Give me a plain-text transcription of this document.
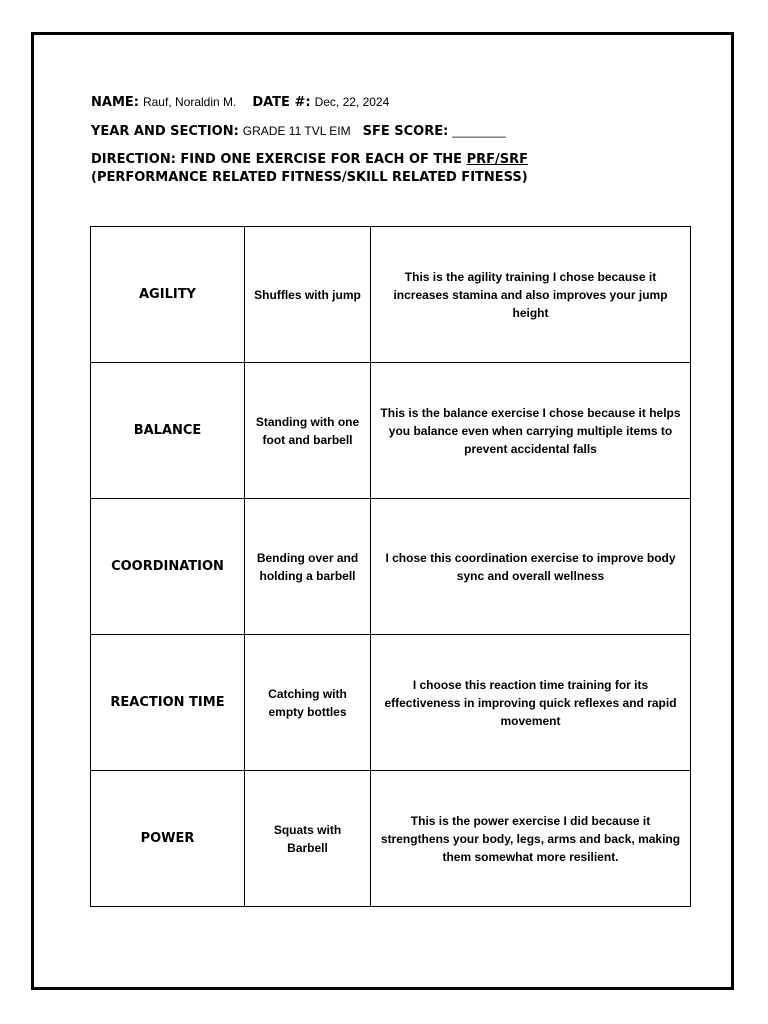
NAME: Rauf, Noraldin M. DATE #: Dec, 22, 2024
YEAR AND SECTION: GRADE 11 TVL EIM SFE SCORE: ________
DIRECTION: FIND ONE EXERCISE FOR EACH OF THE PRF/SRF
(PERFORMANCE RELATED FITNESS/SKILL RELATED FITNESS)
AGILITY	Shuffles with jump	This is the agility training I chose because it increases stamina and also improves your jump height
BALANCE	Standing with one foot and barbell	This is the balance exercise I chose because it helps you balance even when carrying multiple items to prevent accidental falls
COORDINATION	Bending over and holding a barbell	I chose this coordination exercise to improve body sync and overall wellness
REACTION TIME	Catching with empty bottles	I choose this reaction time training for its effectiveness in improving quick reflexes and rapid movement
POWER	Squats with Barbell	This is the power exercise I did because it strengthens your body, legs, arms and back, making them somewhat more resilient.
